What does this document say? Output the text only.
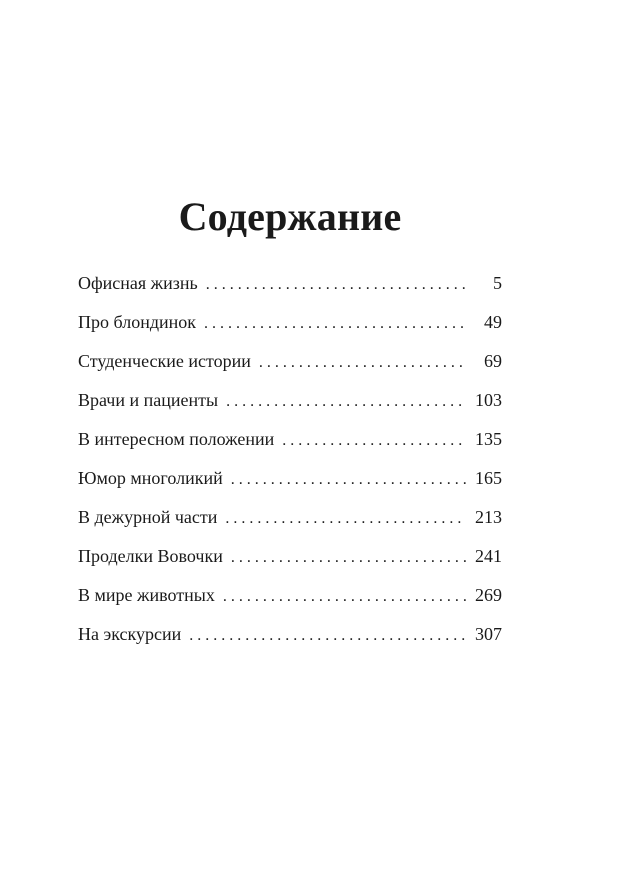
Содержание
Офисная жизнь . . .	5
Про блондинок . . .	49
Студенческие истории . . .	69
Врачи и пациенты . . .	103
В интересном положении . . .	135
Юмор многоликий . . .	165
В дежурной части . . .	213
Проделки Вовочки . . .	241
В мире животных . . .	269
На экскурсии . . .	307
